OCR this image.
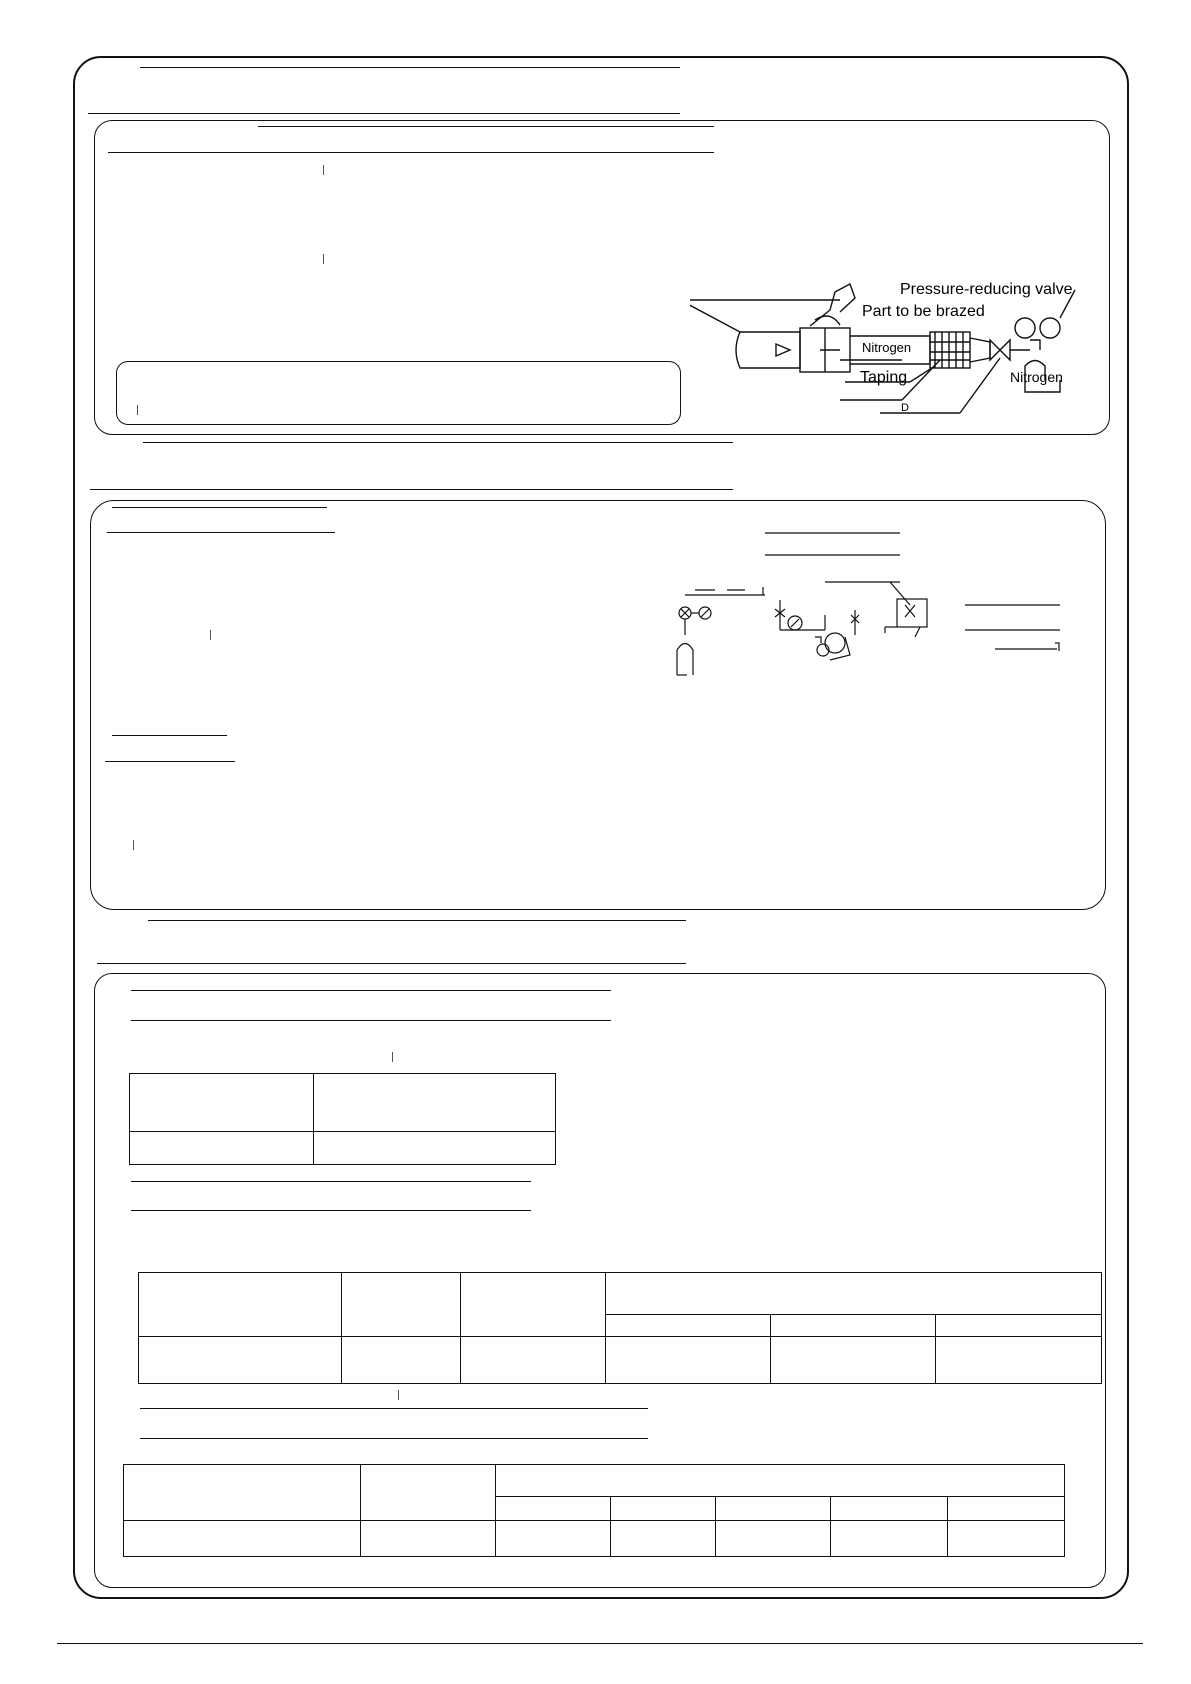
Pressure-reducing valve
Part to be brazed
Nitrogen
Taping	Nitrogen
D
